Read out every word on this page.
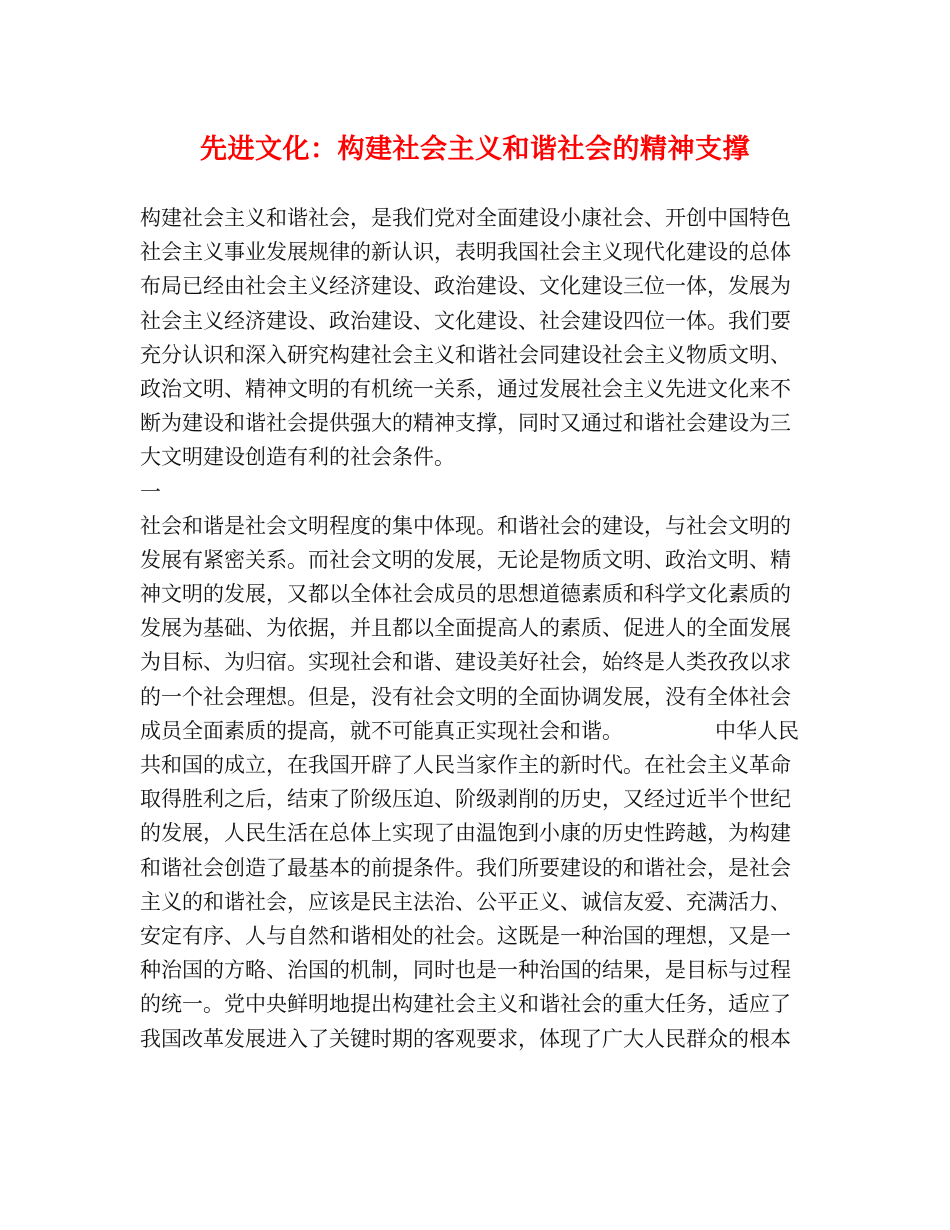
先进文化：构建社会主义和谐社会的精神支撑
构建社会主义和谐社会，是我们党对全面建设小康社会、开创中国特色
社会主义事业发展规律的新认识，表明我国社会主义现代化建设的总体
布局已经由社会主义经济建设、政治建设、文化建设三位一体，发展为
社会主义经济建设、政治建设、文化建设、社会建设四位一体。我们要
充分认识和深入研究构建社会主义和谐社会同建设社会主义物质文明、
政治文明、精神文明的有机统一关系，通过发展社会主义先进文化来不
断为建设和谐社会提供强大的精神支撑，同时又通过和谐社会建设为三
大文明建设创造有利的社会条件。
一
社会和谐是社会文明程度的集中体现。和谐社会的建设，与社会文明的
发展有紧密关系。而社会文明的发展，无论是物质文明、政治文明、精
神文明的发展，又都以全体社会成员的思想道德素质和科学文化素质的
发展为基础、为依据，并且都以全面提高人的素质、促进人的全面发展
为目标、为归宿。实现社会和谐、建设美好社会，始终是人类孜孜以求
的一个社会理想。但是，没有社会文明的全面协调发展，没有全体社会
成员全面素质的提高，就不可能真正实现社会和谐。	中华人民
共和国的成立，在我国开辟了人民当家作主的新时代。在社会主义革命
取得胜利之后，结束了阶级压迫、阶级剥削的历史，又经过近半个世纪
的发展，人民生活在总体上实现了由温饱到小康的历史性跨越，为构建
和谐社会创造了最基本的前提条件。我们所要建设的和谐社会，是社会
主义的和谐社会，应该是民主法治、公平正义、诚信友爱、充满活力、
安定有序、人与自然和谐相处的社会。这既是一种治国的理想，又是一
种治国的方略、治国的机制，同时也是一种治国的结果，是目标与过程
的统一。党中央鲜明地提出构建社会主义和谐社会的重大任务，适应了
我国改革发展进入了关键时期的客观要求，体现了广大人民群众的根本
